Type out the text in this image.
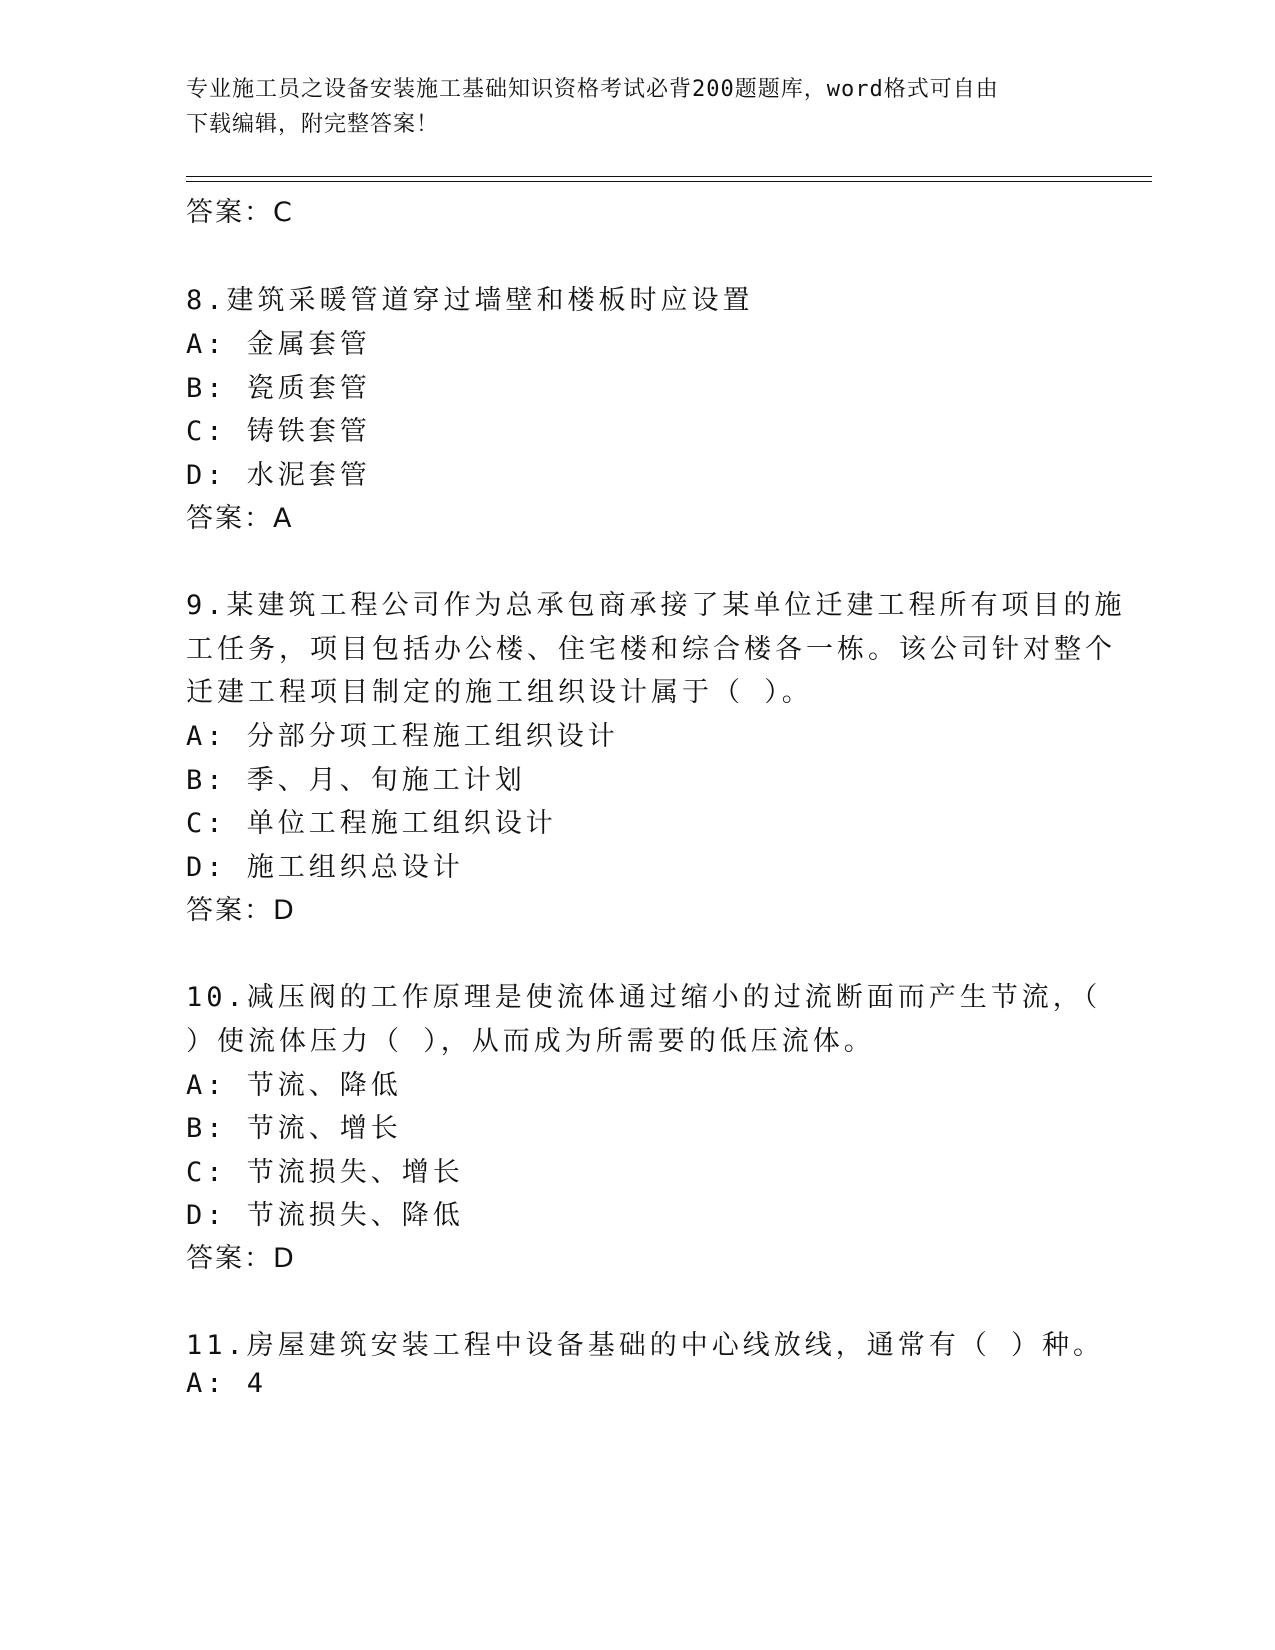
专业施工员之设备安装施工基础知识资格考试必背200题题库，word格式可自由
下载编辑，附完整答案！
答案：C
8.建筑采暖管道穿过墙壁和楼板时应设置
A: 金属套管
B: 瓷质套管
C: 铸铁套管
D: 水泥套管
答案：A
9.某建筑工程公司作为总承包商承接了某单位迁建工程所有项目的施
工任务，项目包括办公楼、住宅楼和综合楼各一栋。该公司针对整个
迁建工程项目制定的施工组织设计属于（ ）。
A: 分部分项工程施工组织设计
B: 季、月、旬施工计划
C: 单位工程施工组织设计
D: 施工组织总设计
答案：D
10.减压阀的工作原理是使流体通过缩小的过流断面而产生节流，（
）使流体压力（ ），从而成为所需要的低压流体。
A: 节流、降低
B: 节流、增长
C: 节流损失、增长
D: 节流损失、降低
答案：D
11.房屋建筑安装工程中设备基础的中心线放线，通常有（ ）种。
A: 4
